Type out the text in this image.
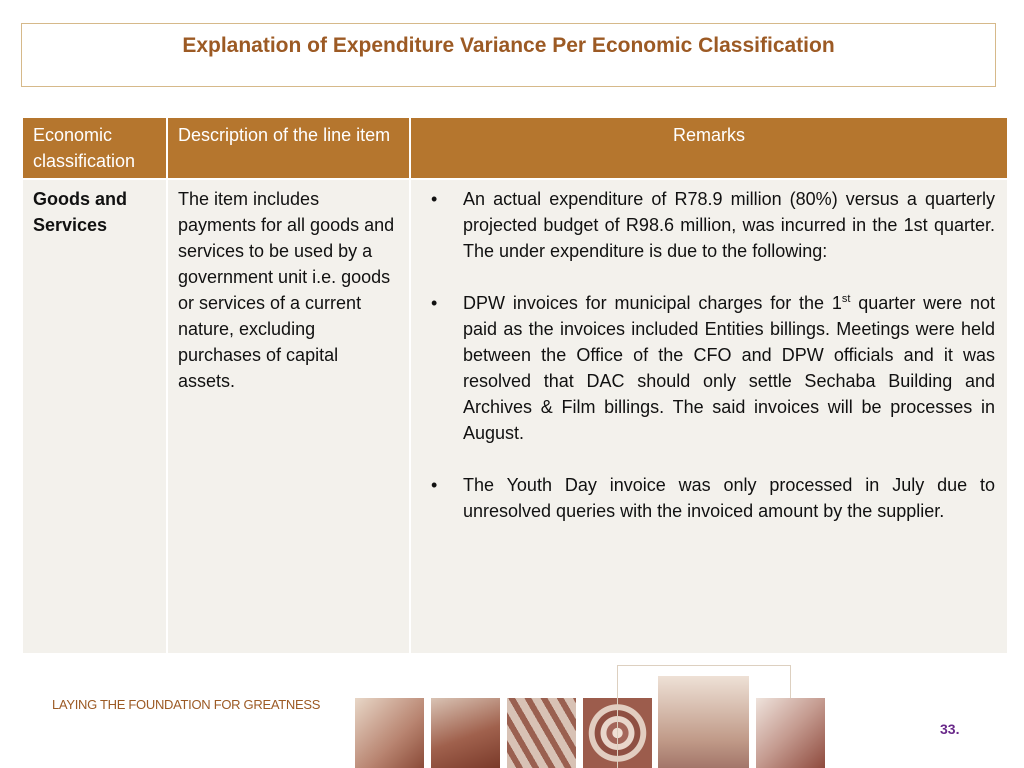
Explanation of Expenditure Variance Per Economic Classification
Economic classification
Description of the line item	Remarks
Goods and Services
The item includes payments for all goods and services to be used by a government unit i.e. goods or services of a current nature, excluding purchases of capital assets.
• An actual expenditure of R78.9 million (80%) versus a quarterly projected budget of R98.6 million, was incurred in the 1st quarter. The under expenditure is due to the following:
• DPW invoices for municipal charges for the 1st quarter were not paid as the invoices included Entities billings. Meetings were held between the Office of the CFO and DPW officials and it was resolved that DAC should only settle Sechaba Building and Archives & Film billings. The said invoices will be processes in August.
• The Youth Day invoice was only processed in July due to unresolved queries with the invoiced amount by the supplier.
LAYING THE FOUNDATION FOR GREATNESS
33.
